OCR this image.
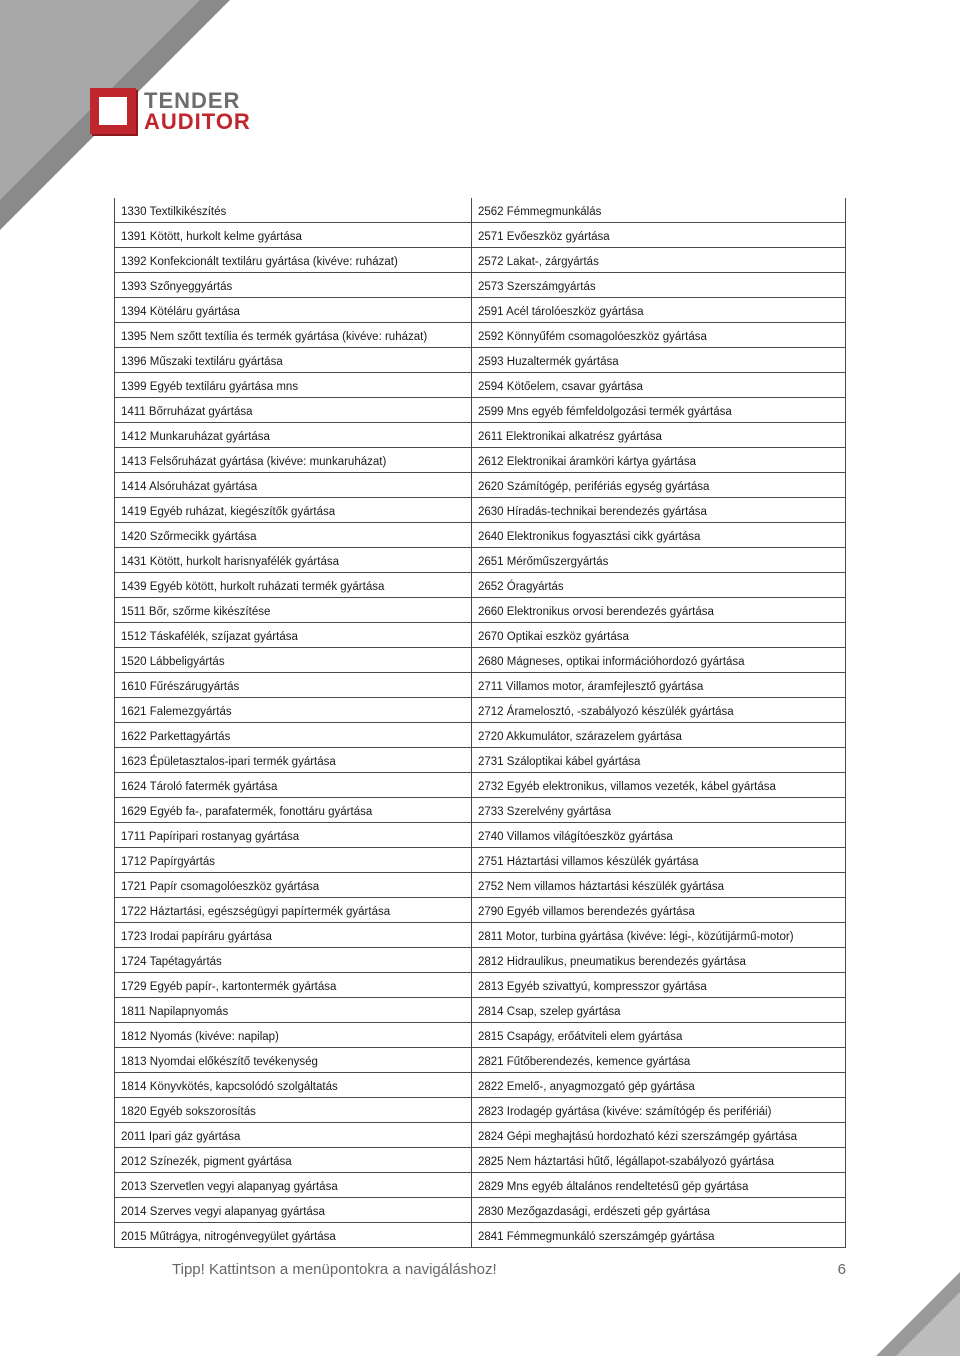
TENDER
AUDITOR
1330 Textilkikészítés	2562 Fémmegmunkálás
1391 Kötött, hurkolt kelme gyártása	2571 Evőeszköz gyártása
1392 Konfekcionált textiláru gyártása (kivéve: ruházat)	2572 Lakat-, zárgyártás
1393 Szőnyeggyártás	2573 Szerszámgyártás
1394 Kötéláru gyártása	2591 Acél tárolóeszköz gyártása
1395 Nem szőtt textília és termék gyártása (kivéve: ruházat)	2592 Könnyűfém csomagolóeszköz gyártása
1396 Műszaki textiláru gyártása	2593 Huzaltermék gyártása
1399 Egyéb textiláru gyártása mns	2594 Kötőelem, csavar gyártása
1411 Bőrruházat gyártása	2599 Mns egyéb fémfeldolgozási termék gyártása
1412 Munkaruházat gyártása	2611 Elektronikai alkatrész gyártása
1413 Felsőruházat gyártása (kivéve: munkaruházat)	2612 Elektronikai áramköri kártya gyártása
1414 Alsóruházat gyártása	2620 Számítógép, perifériás egység gyártása
1419 Egyéb ruházat, kiegészítők gyártása	2630 Híradás-technikai berendezés gyártása
1420 Szőrmecikk gyártása	2640 Elektronikus fogyasztási cikk gyártása
1431 Kötött, hurkolt harisnyafélék gyártása	2651 Mérőműszergyártás
1439 Egyéb kötött, hurkolt ruházati termék gyártása	2652 Óragyártás
1511 Bőr, szőrme kikészítése	2660 Elektronikus orvosi berendezés gyártása
1512 Táskafélék, szíjazat gyártása	2670 Optikai eszköz gyártása
1520 Lábbeligyártás	2680 Mágneses, optikai információhordozó gyártása
1610 Fűrészárugyártás	2711 Villamos motor, áramfejlesztő gyártása
1621 Falemezgyártás	2712 Áramelosztó, -szabályozó készülék gyártása
1622 Parkettagyártás	2720 Akkumulátor, szárazelem gyártása
1623 Épületasztalos-ipari termék gyártása	2731 Száloptikai kábel gyártása
1624 Tároló fatermék gyártása	2732 Egyéb elektronikus, villamos vezeték, kábel gyártása
1629 Egyéb fa-, parafatermék, fonottáru gyártása	2733 Szerelvény gyártása
1711 Papíripari rostanyag gyártása	2740 Villamos világítóeszköz gyártása
1712 Papírgyártás	2751 Háztartási villamos készülék gyártása
1721 Papír csomagolóeszköz gyártása	2752 Nem villamos háztartási készülék gyártása
1722 Háztartási, egészségügyi papírtermék gyártása	2790 Egyéb villamos berendezés gyártása
1723 Irodai papíráru gyártása	2811 Motor, turbina gyártása (kivéve: légi-, közútijármű-motor)
1724 Tapétagyártás	2812 Hidraulikus, pneumatikus berendezés gyártása
1729 Egyéb papír-, kartontermék gyártása	2813 Egyéb szivattyú, kompresszor gyártása
1811 Napilapnyomás	2814 Csap, szelep gyártása
1812 Nyomás (kivéve: napilap)	2815 Csapágy, erőátviteli elem gyártása
1813 Nyomdai előkészítő tevékenység	2821 Fűtőberendezés, kemence gyártása
1814 Könyvkötés, kapcsolódó szolgáltatás	2822 Emelő-, anyagmozgató gép gyártása
1820 Egyéb sokszorosítás	2823 Irodagép gyártása (kivéve: számítógép és perifériái)
2011 Ipari gáz gyártása	2824 Gépi meghajtású hordozható kézi szerszámgép gyártása
2012 Színezék, pigment gyártása	2825 Nem háztartási hűtő, légállapot-szabályozó gyártása
2013 Szervetlen vegyi alapanyag gyártása	2829 Mns egyéb általános rendeltetésű gép gyártása
2014 Szerves vegyi alapanyag gyártása	2830 Mezőgazdasági, erdészeti gép gyártása
2015 Műtrágya, nitrogénvegyület gyártása	2841 Fémmegmunkáló szerszámgép gyártása
Tipp! Kattintson a menüpontokra a navigáláshoz!	6
